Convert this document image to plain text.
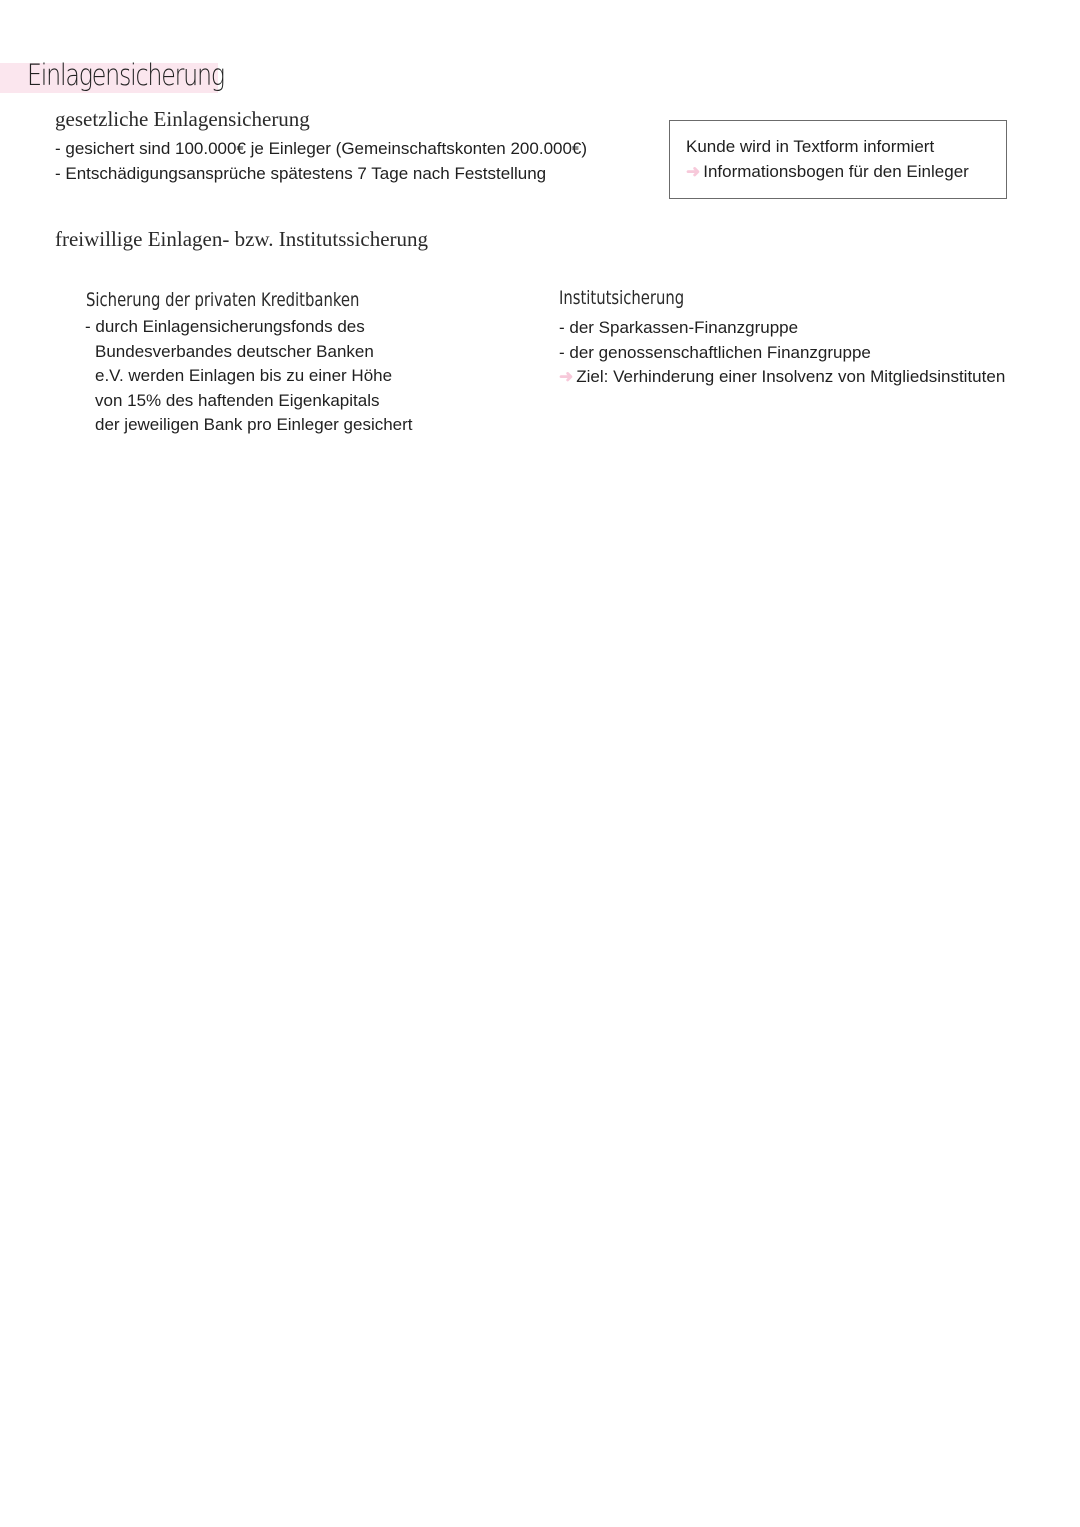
Einlagensicherung
gesetzliche Einlagensicherung
- gesichert sind 100.000€ je Einleger (Gemeinschaftskonten 200.000€)
- Entschädigungsansprüche spätestens 7 Tage nach Feststellung
Kunde wird in Textform informiert
➜ Informationsbogen für den Einleger
freiwillige Einlagen- bzw. Institutssicherung
Sicherung der privaten Kreditbanken
- durch Einlagensicherungsfonds des
Bundesverbandes deutscher Banken
e.V. werden Einlagen bis zu einer Höhe
von 15% des haftenden Eigenkapitals
der jeweiligen Bank pro Einleger gesichert
Institutsicherung
- der Sparkassen-Finanzgruppe
- der genossenschaftlichen Finanzgruppe
➜ Ziel: Verhinderung einer Insolvenz von Mitgliedsinstituten
